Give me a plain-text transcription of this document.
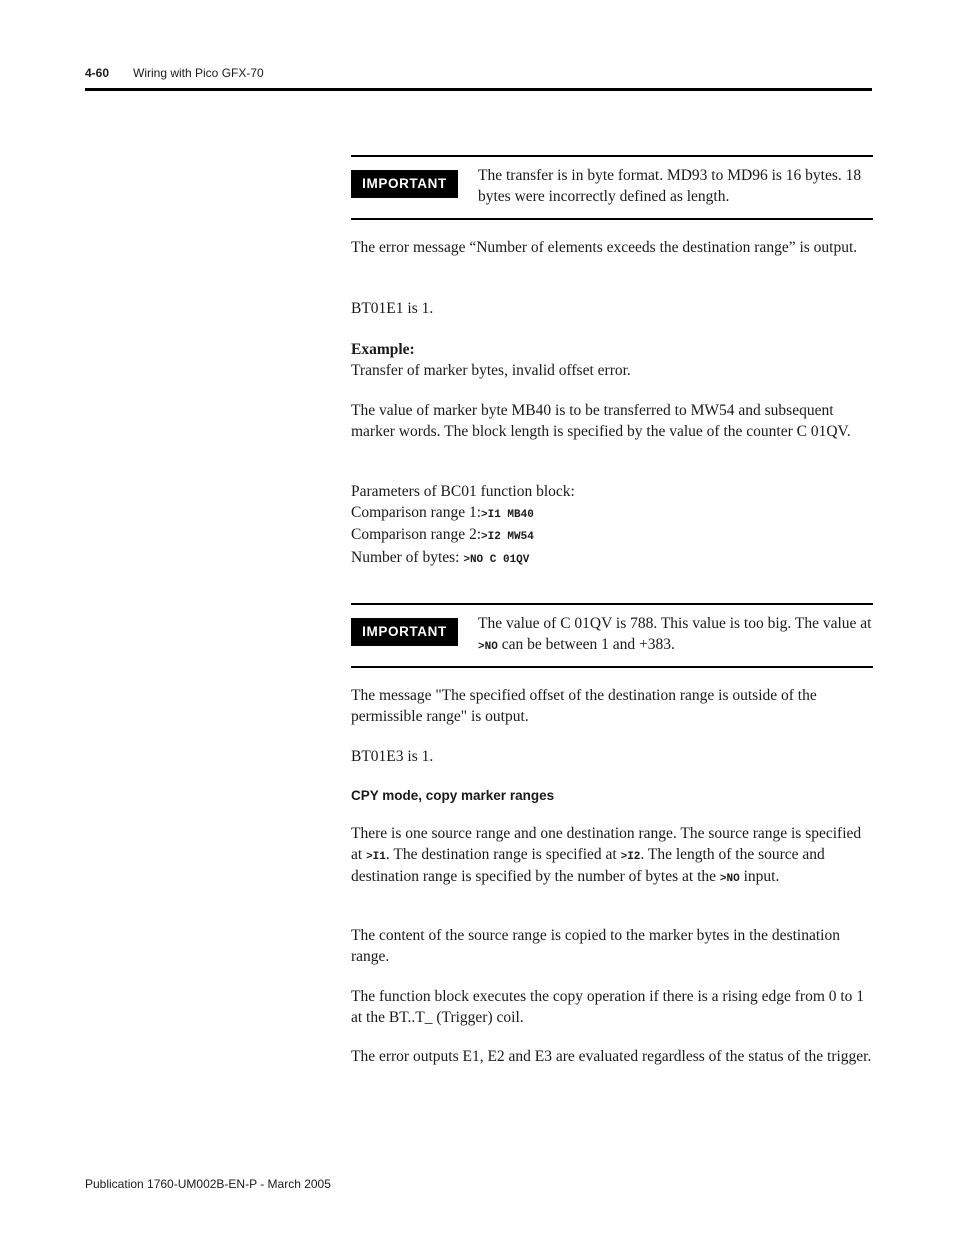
4-60 Wiring with Pico GFX-70
IMPORTANT	The transfer is in byte format. MD93 to MD96 is 16 bytes. 18 bytes were incorrectly defined as length.

The error message “Number of elements exceeds the destination range” is output.

BT01E1 is 1.

Example:

Transfer of marker bytes, invalid offset error.

The value of marker byte MB40 is to be transferred to MW54 and subsequent marker words. The block length is specified by the value of the counter C 01QV.

Parameters of BC01 function block:

Comparison range 1:>I1 MB40

Comparison range 2:>I2 MW54

Number of bytes: >NO C 01QV

IMPORTANT	The value of C 01QV is 788. This value is too big. The value at >NO can be between 1 and +383.

The message "The specified offset of the destination range is outside of the permissible range" is output.

BT01E3 is 1.

CPY mode, copy marker ranges

There is one source range and one destination range. The source range is specified at >I1. The destination range is specified at >I2. The length of the source and destination range is specified by the number of bytes at the >NO input.

The content of the source range is copied to the marker bytes in the destination range.

The function block executes the copy operation if there is a rising edge from 0 to 1 at the BT..T_ (Trigger) coil.

The error outputs E1, E2 and E3 are evaluated regardless of the status of the trigger.

Publication 1760-UM002B-EN-P - March 2005
